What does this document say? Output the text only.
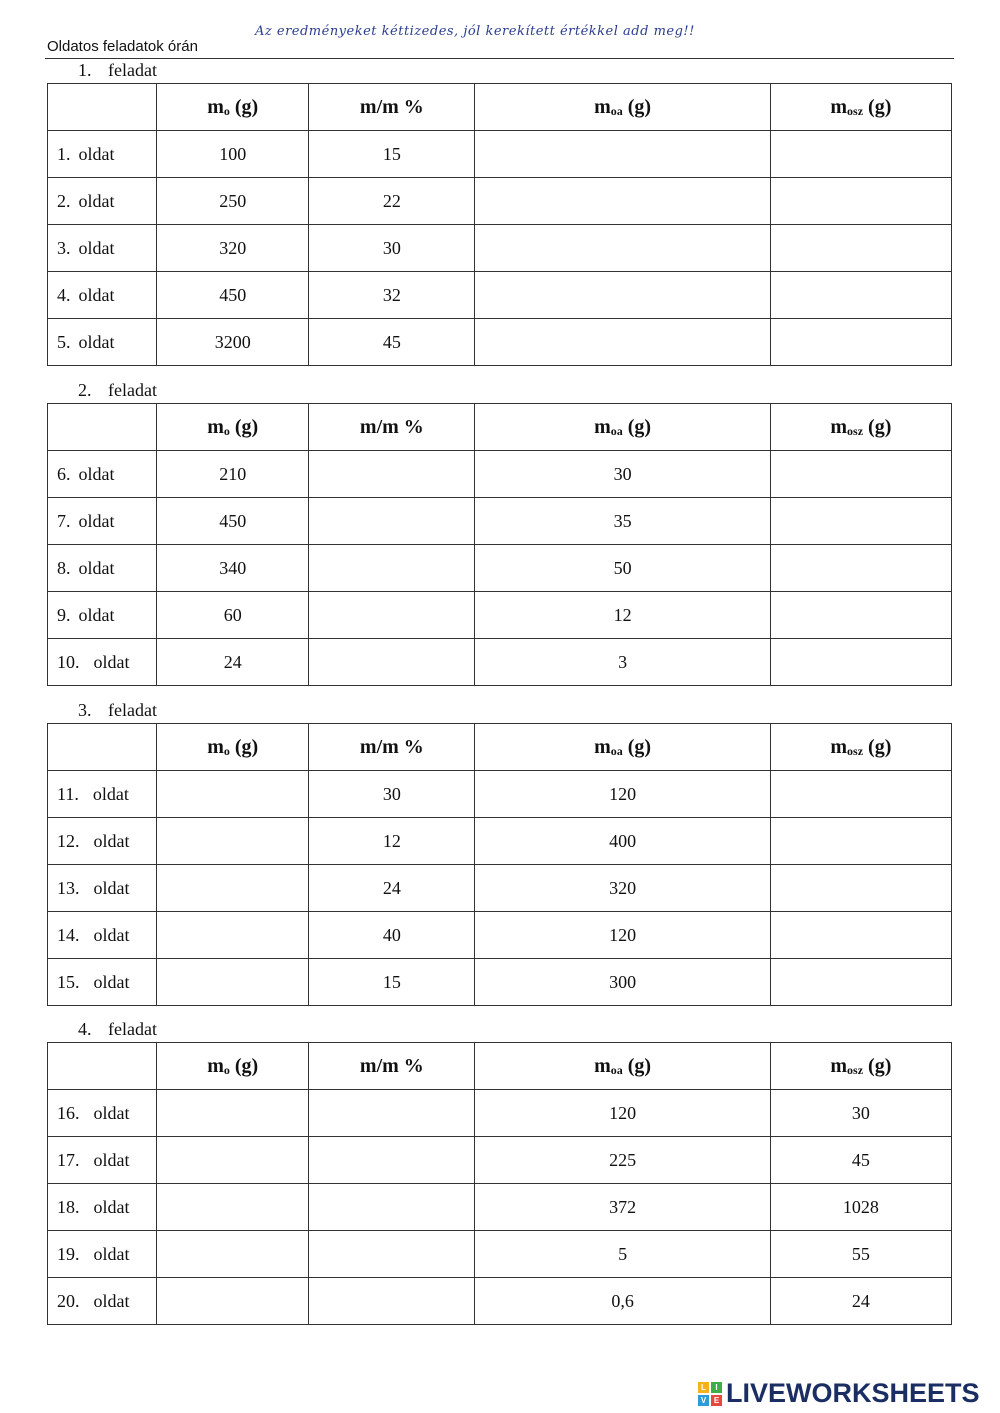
Oldatos feladatok órán
Az eredményeket kéttizedes, jól kerekített értékkel add meg!!
1. feladat
	$m_o$ (g)	m/m %	$m_{oa}$ (g)	$m_{osz}$ (g)
1. oldat	100	15		
2. oldat	250	22		
3. oldat	320	30		
4. oldat	450	32		
5. oldat	3200	45		
2. feladat
	$m_o$ (g)	m/m %	$m_{oa}$ (g)	$m_{osz}$ (g)
6. oldat	210		30	
7. oldat	450		35	
8. oldat	340		50	
9. oldat	60		12	
10. oldat	24		3	
3. feladat
	$m_o$ (g)	m/m %	$m_{oa}$ (g)	$m_{osz}$ (g)
11. oldat		30	120	
12. oldat		12	400	
13. oldat		24	320	
14. oldat		40	120	
15. oldat		15	300	
4. feladat
	$m_o$ (g)	m/m %	$m_{oa}$ (g)	$m_{osz}$ (g)
16. oldat			120	30
17. oldat			225	45
18. oldat			372	1028
19. oldat			5	55
20. oldat			0,6	24
L	I
V E LIVEWORKSHEETS
